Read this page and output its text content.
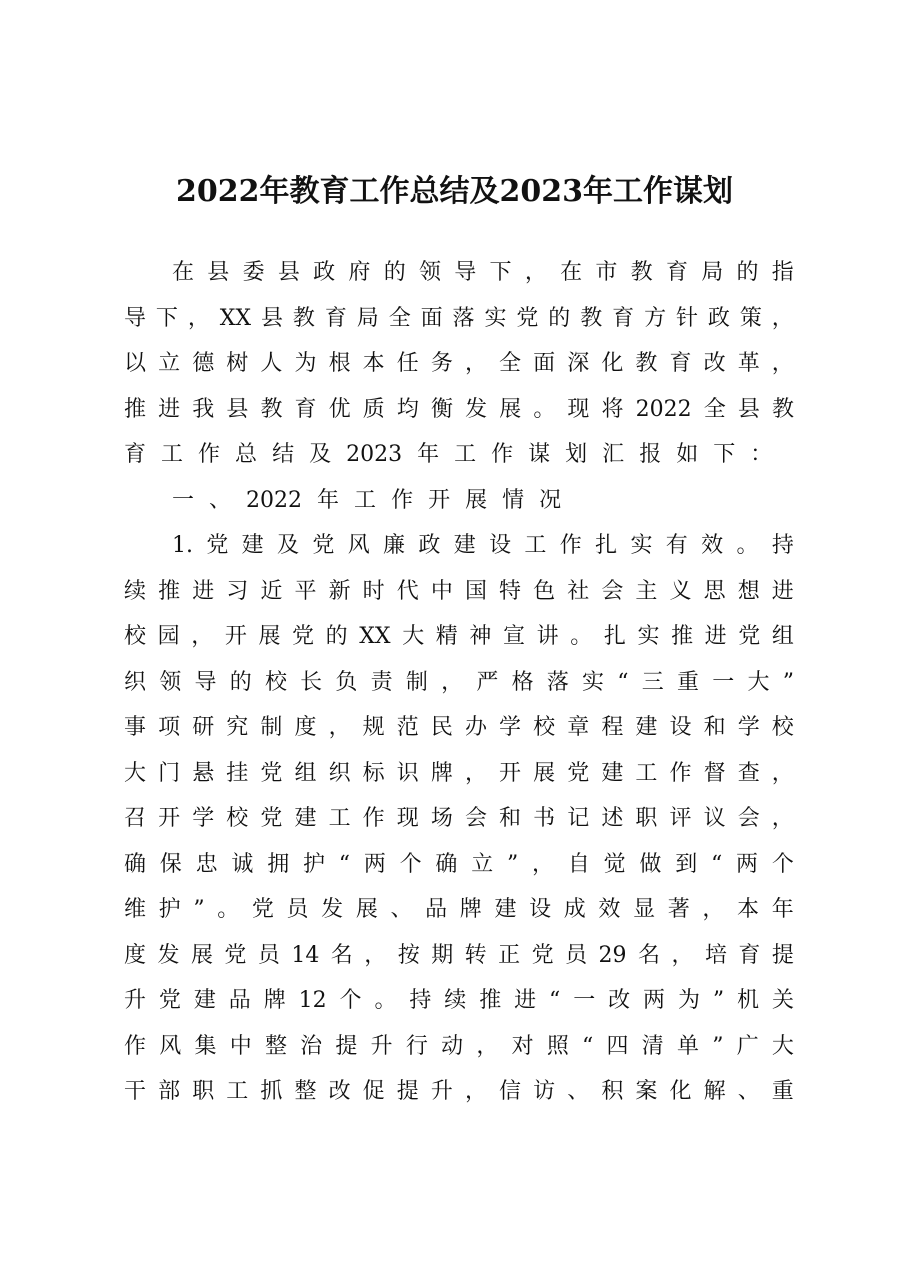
2022年教育工作总结及2023年工作谋划
在 县 委 县 政 府 的 领 导 下 ， 在 市 教 育 局 的 指
导 下 ， XX 县 教 育 局 全 面 落 实 党 的 教 育 方 针 政 策 ，
以 立 德 树 人 为 根 本 任 务 ， 全 面 深 化 教 育 改 革 ，
推 进 我 县 教 育 优 质 均 衡 发 展 。 现 将 2022 全 县 教
育 工 作 总 结 及 2023 年 工 作 谋 划 汇 报 如 下 ：
一 、 2022 年 工 作 开 展 情 况
1. 党 建 及 党 风 廉 政 建 设 工 作 扎 实 有 效 。 持
续 推 进 习 近 平 新 时 代 中 国 特 色 社 会 主 义 思 想 进
校 园 ， 开 展 党 的 XX 大 精 神 宣 讲 。 扎 实 推 进 党 组
织 领 导 的 校 长 负 责 制 ， 严 格 落 实 “ 三 重 一 大 ”
事 项 研 究 制 度 ， 规 范 民 办 学 校 章 程 建 设 和 学 校
大 门 悬 挂 党 组 织 标 识 牌 ， 开 展 党 建 工 作 督 查 ，
召 开 学 校 党 建 工 作 现 场 会 和 书 记 述 职 评 议 会 ，
确 保 忠 诚 拥 护 “ 两 个 确 立 ” ， 自 觉 做 到 “ 两 个
维 护 ” 。 党 员 发 展 、 品 牌 建 设 成 效 显 著 ， 本 年
度 发 展 党 员 14 名 ， 按 期 转 正 党 员 29 名 ， 培 育 提
升 党 建 品 牌 12 个 。 持 续 推 进 “ 一 改 两 为 ” 机 关
作 风 集 中 整 治 提 升 行 动 ， 对 照 “ 四 清 单 ” 广 大
干 部 职 工 抓 整 改 促 提 升 ， 信 访 、 积 案 化 解 、 重
